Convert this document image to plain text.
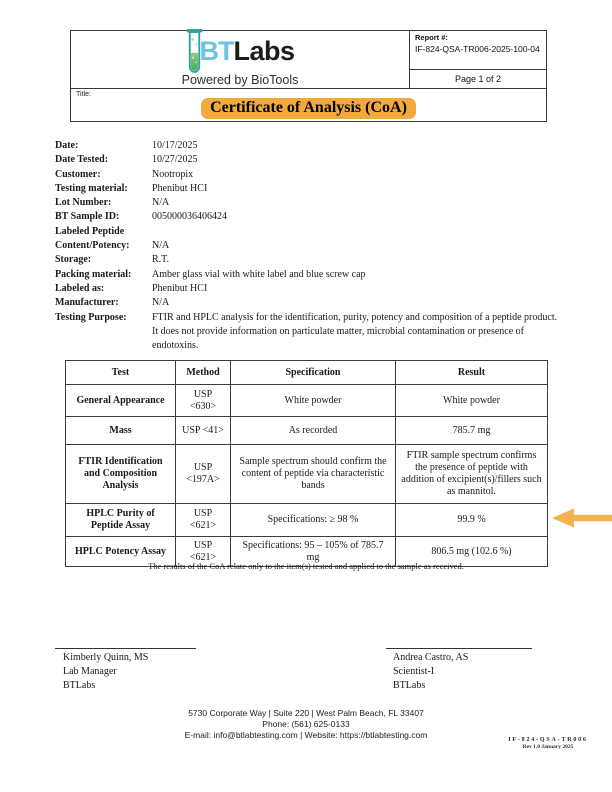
BT Labs
Powered by BioTools
Report #:
IF-824-QSA-TR006-2025-100-04
Page 1 of 2
Title:
Certificate of Analysis (CoA)
Date:	10/17/2025
Date Tested:	10/27/2025
Customer:	Nootropix
Testing material:	Phenibut HCI
Lot Number:	N/A
BT Sample ID:	005000036406424
Labeled Peptide
Content/Potency:	N/A
Storage:	R.T.
Packing material:	Amber glass vial with white label and blue screw cap
Labeled as:	Phenibut HCI
Manufacturer:	N/A
Testing Purpose:	FTIR and HPLC analysis for the identification, purity, potency and composition of a peptide product. It does not provide information on particulate matter, microbial contamination or presence of endotoxins.
Test	Method	Specification	Result
General Appearance	USP <630>	White powder	White powder
Mass	USP <41>	As recorded	785.7 mg
FTIR Identification and Composition Analysis	USP <197A>	Sample spectrum should confirm the content of peptide via characteristic bands	FTIR sample spectrum confirms the presence of peptide with addition of excipient(s)/fillers such as mannitol.
HPLC Purity of Peptide Assay	USP <621>	Specifications: ≥ 98 %	99.9 %
HPLC Potency Assay	USP <621>	Specifications: 95 – 105% of 785.7 mg	806.5 mg (102.6 %)
The results of the CoA relate only to the item(s) tested and applied to the sample as received.
Kimberly Quinn, MS
Lab Manager
BTLabs
Andrea Castro, AS
Scientist-I
BTLabs
5730 Corporate Way | Suite 220 | West Palm Beach, FL 33407
Phone: (561) 625-0133
E-mail: info@btlabtesting.com | Website: https://btlabtesting.com	IF-824-QSA-TR006
Rev 1.0 January 2025
